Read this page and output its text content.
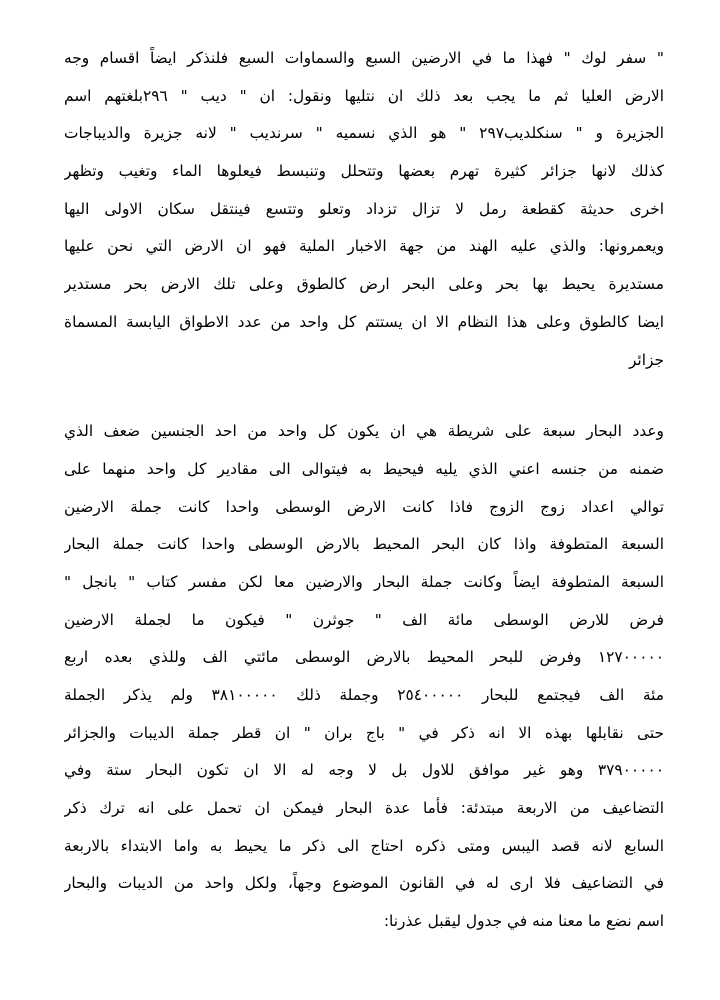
" سفر لوك " فهذا ما في الارضين السبع والسماوات السبع فلنذكر ايضاً اقسام وجه
الارض العليا ثم ما يجب بعد ذلك ان نتليها ونقول: ان " ديب " ٢٩٦بلغتهم اسم
الجزيرة و " سنكلديب٢٩٧ " هو الذي نسميه " سرنديب " لانه جزيرة والديباجات
كذلك لانها جزائر كثيرة تهرم بعضها وتتحلل وتنبسط فيعلوها الماء وتغيب وتظهر
اخرى حديثة كقطعة رمل لا تزال تزداد وتعلو وتتسع فينتقل سكان الاولى اليها
ويعمرونها: والذي عليه الهند من جهة الاخبار الملية فهو ان الارض التي نحن عليها
مستديرة يحيط بها بحر وعلى البحر ارض كالطوق وعلى تلك الارض بحر مستدير
ايضا كالطوق وعلى هذا النظام الا ان يستتم كل واحد من عدد الاطواق اليابسة المسماة
جزائر
وعدد البحار سبعة على شريطة هي ان يكون كل واحد من احد الجنسين ضعف الذي
ضمنه من جنسه اعني الذي يليه فيحيط به فيتوالى الى مقادير كل واحد منهما على
توالي اعداد زوج الزوج فاذا كانت الارض الوسطى واحدا كانت جملة الارضين
السبعة المتطوفة واذا كان البحر المحيط بالارض الوسطى واحدا كانت جملة البحار
السبعة المتطوفة ايضاً وكانت جملة البحار والارضين معا لكن مفسر كتاب " بانجل "
فرض للارض الوسطى مائة الف " جوثرن " فيكون ما لجملة الارضين
١٢٧٠٠٠٠٠ وفرض للبحر المحيط بالارض الوسطى مائتي الف وللذي بعده اربع
مئة الف فيجتمع للبحار ٢٥٤٠٠٠٠٠ وجملة ذلك ٣٨١٠٠٠٠٠ ولم يذكر الجملة
حتى نقابلها بهذه الا انه ذكر في " باج بران " ان قطر جملة الديبات والجزائر
٣٧٩٠٠٠٠٠ وهو غير موافق للاول بل لا وجه له الا ان تكون البحار ستة وفي
التضاعيف من الاربعة مبتدئة: فأما عدة البحار فيمكن ان تحمل على انه ترك ذكر
السابع لانه قصد اليبس ومتى ذكره احتاج الى ذكر ما يحيط به واما الابتداء بالاربعة
في التضاعيف فلا ارى له في القانون الموضوع وجهاً، ولكل واحد من الديبات والبحار
اسم نضع ما معنا منه في جدول ليقبل عذرنا:
